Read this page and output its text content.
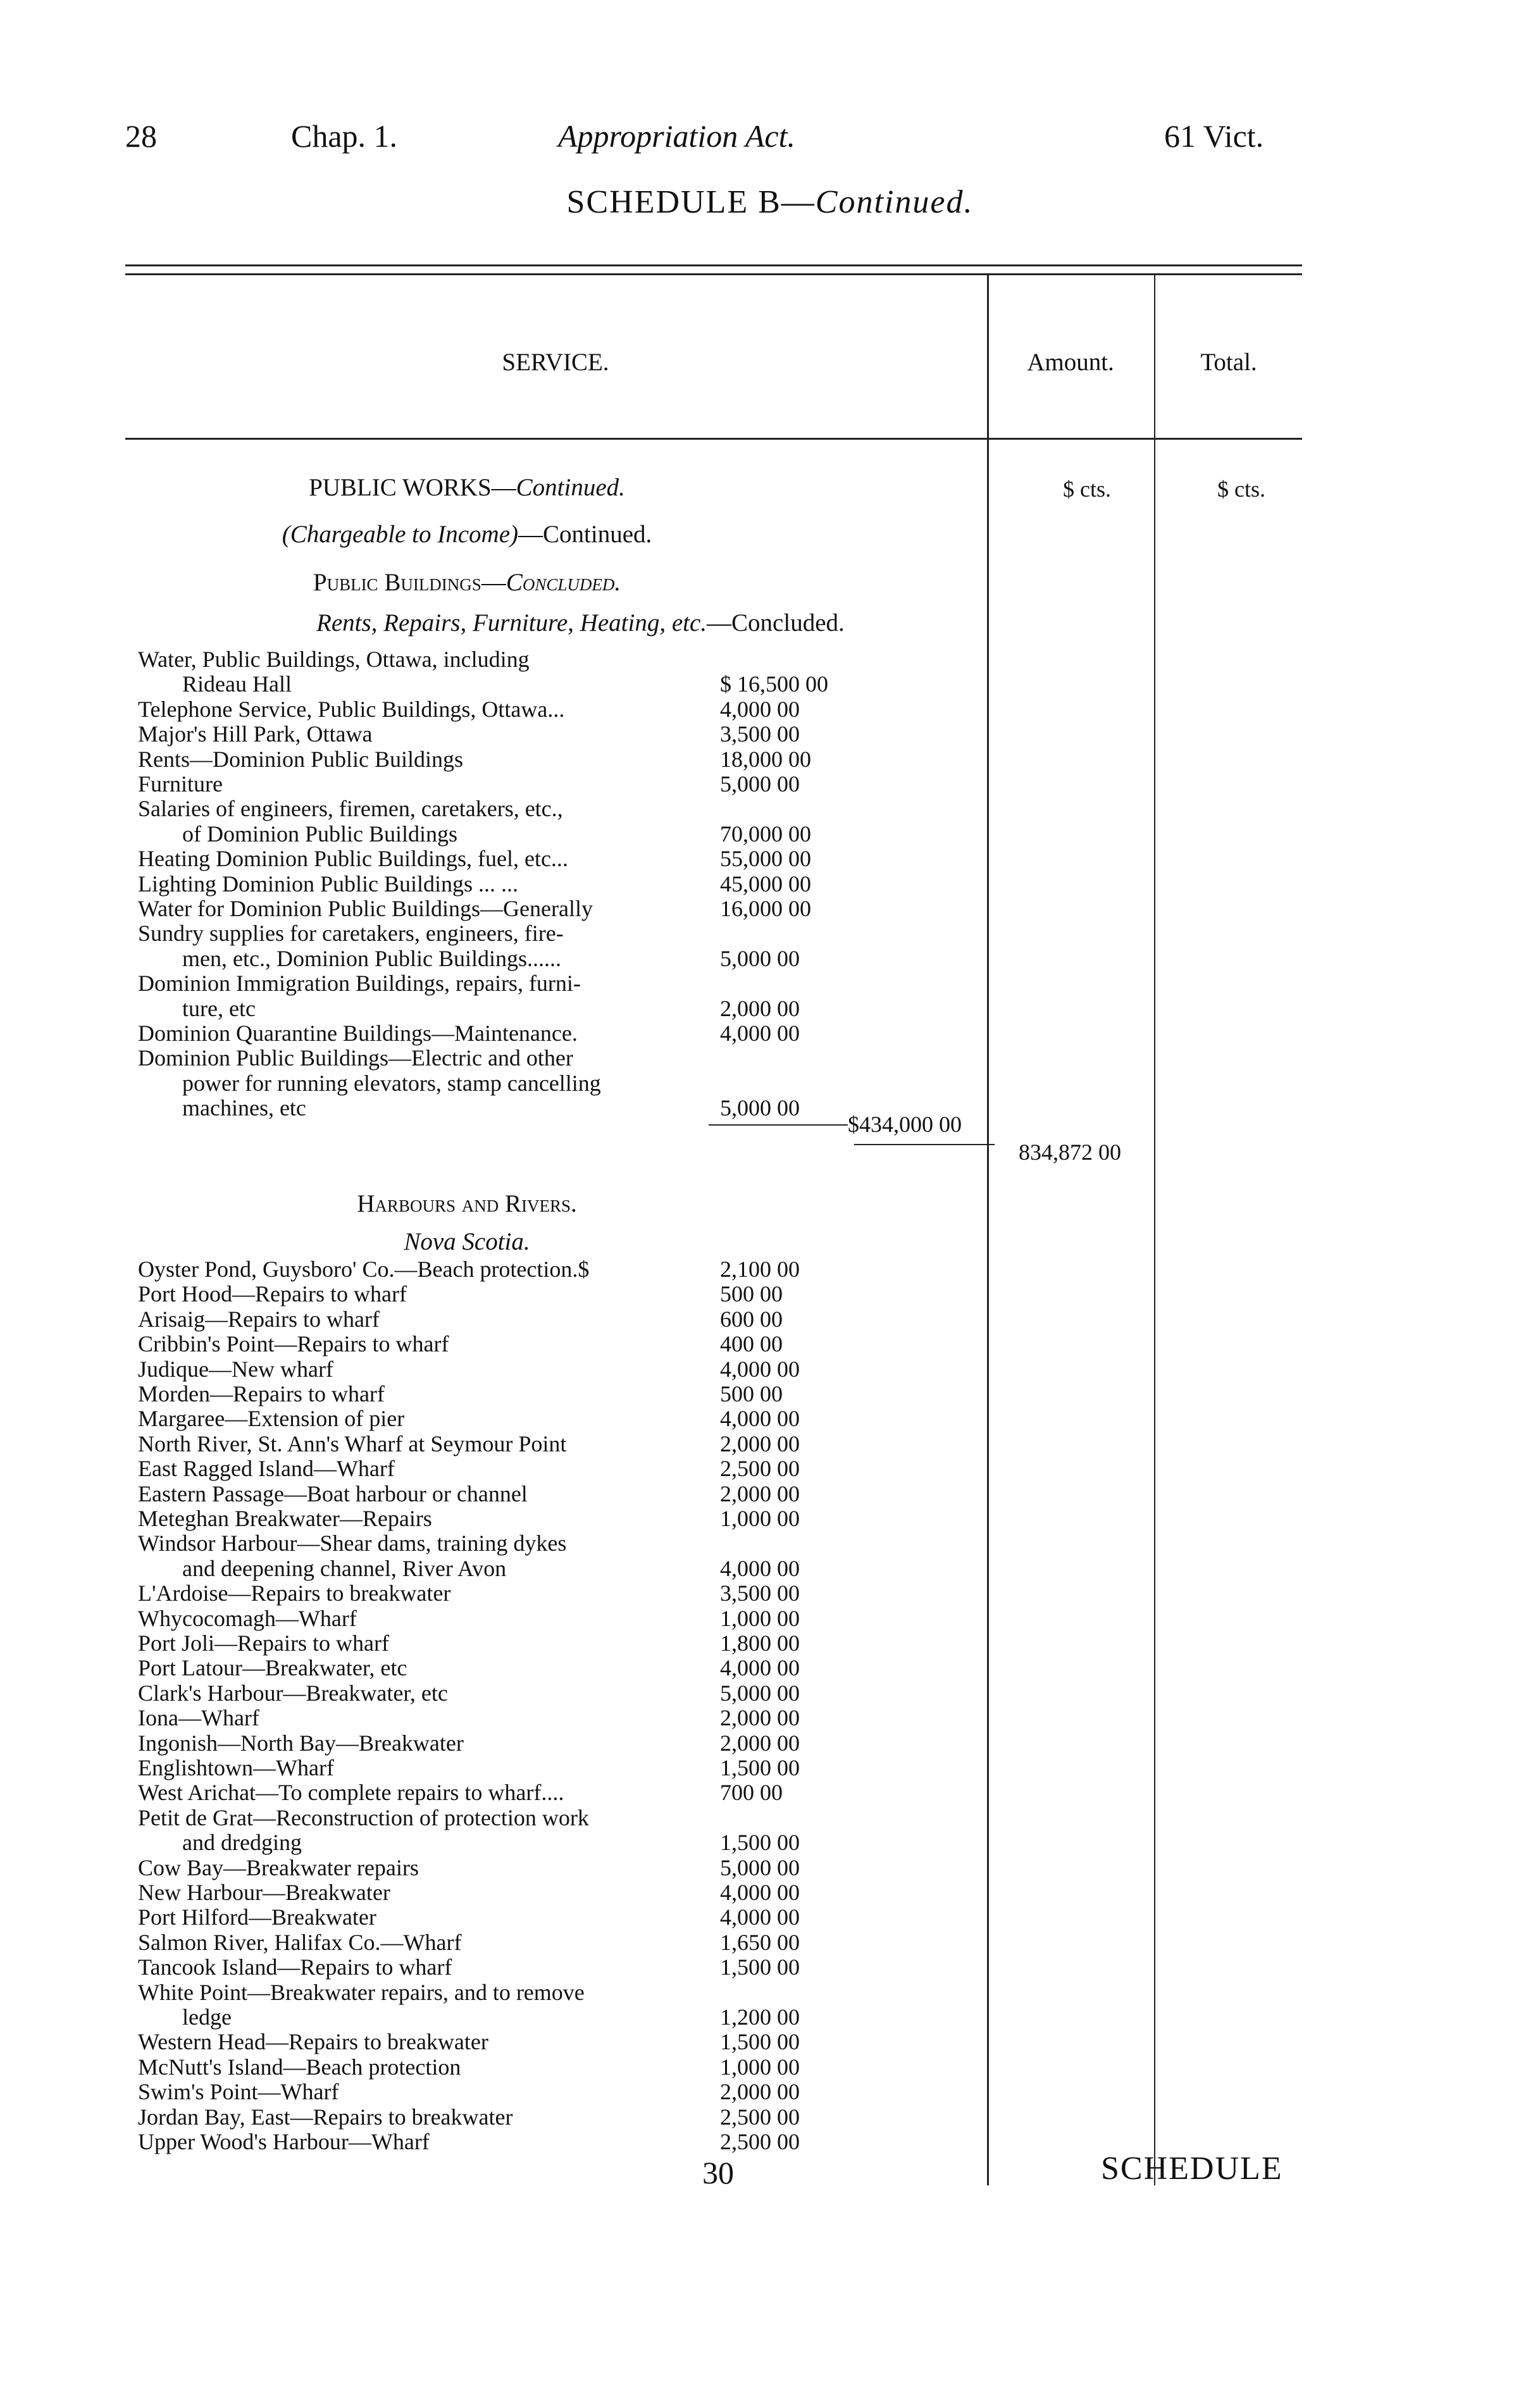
28	Chap. 1.	Appropriation Act.	61 Vict.
SCHEDULE B—Continued.
SERVICE.	Amount.	Total.
$ cts.	$ cts.
PUBLIC WORKS—Continued.
(Chargeable to Income)—Continued.
Public Buildings—Concluded.
Rents, Repairs, Furniture, Heating, etc.—Concluded.
Water, Public Buildings, Ottawa, including
Rideau Hall	$ 16,500 00
Telephone Service, Public Buildings, Ottawa...	4,000 00
Major's Hill Park, Ottawa	3,500 00
Rents—Dominion Public Buildings	18,000 00
Furniture	5,000 00
Salaries of engineers, firemen, caretakers, etc.,
of Dominion Public Buildings	70,000 00
Heating Dominion Public Buildings, fuel, etc...	55,000 00
Lighting Dominion Public Buildings ... ...	45,000 00
Water for Dominion Public Buildings—Generally	16,000 00
Sundry supplies for caretakers, engineers, fire-
men, etc., Dominion Public Buildings......	5,000 00
Dominion Immigration Buildings, repairs, furni-
ture, etc	2,000 00
Dominion Quarantine Buildings—Maintenance.	4,000 00
Dominion Public Buildings—Electric and other
power for running elevators, stamp cancelling
machines, etc	5,000 00
$434,000 00
834,872 00
Harbours and Rivers.
Nova Scotia.
Oyster Pond, Guysboro' Co.—Beach protection.$	2,100 00
Port Hood—Repairs to wharf	500 00
Arisaig—Repairs to wharf	600 00
Cribbin's Point—Repairs to wharf	400 00
Judique—New wharf	4,000 00
Morden—Repairs to wharf	500 00
Margaree—Extension of pier	4,000 00
North River, St. Ann's Wharf at Seymour Point	2,000 00
East Ragged Island—Wharf	2,500 00
Eastern Passage—Boat harbour or channel	2,000 00
Meteghan Breakwater—Repairs	1,000 00
Windsor Harbour—Shear dams, training dykes
and deepening channel, River Avon	4,000 00
L'Ardoise—Repairs to breakwater	3,500 00
Whycocomagh—Wharf	1,000 00
Port Joli—Repairs to wharf	1,800 00
Port Latour—Breakwater, etc	4,000 00
Clark's Harbour—Breakwater, etc	5,000 00
Iona—Wharf	2,000 00
Ingonish—North Bay—Breakwater	2,000 00
Englishtown—Wharf	1,500 00
West Arichat—To complete repairs to wharf....	700 00
Petit de Grat—Reconstruction of protection work
and dredging	1,500 00
Cow Bay—Breakwater repairs	5,000 00
New Harbour—Breakwater	4,000 00
Port Hilford—Breakwater	4,000 00
Salmon River, Halifax Co.—Wharf	1,650 00
Tancook Island—Repairs to wharf	1,500 00
White Point—Breakwater repairs, and to remove
ledge	1,200 00
Western Head—Repairs to breakwater	1,500 00
McNutt's Island—Beach protection	1,000 00
Swim's Point—Wharf	2,000 00
Jordan Bay, East—Repairs to breakwater	2,500 00
Upper Wood's Harbour—Wharf	2,500 00
30	SCHEDULE
